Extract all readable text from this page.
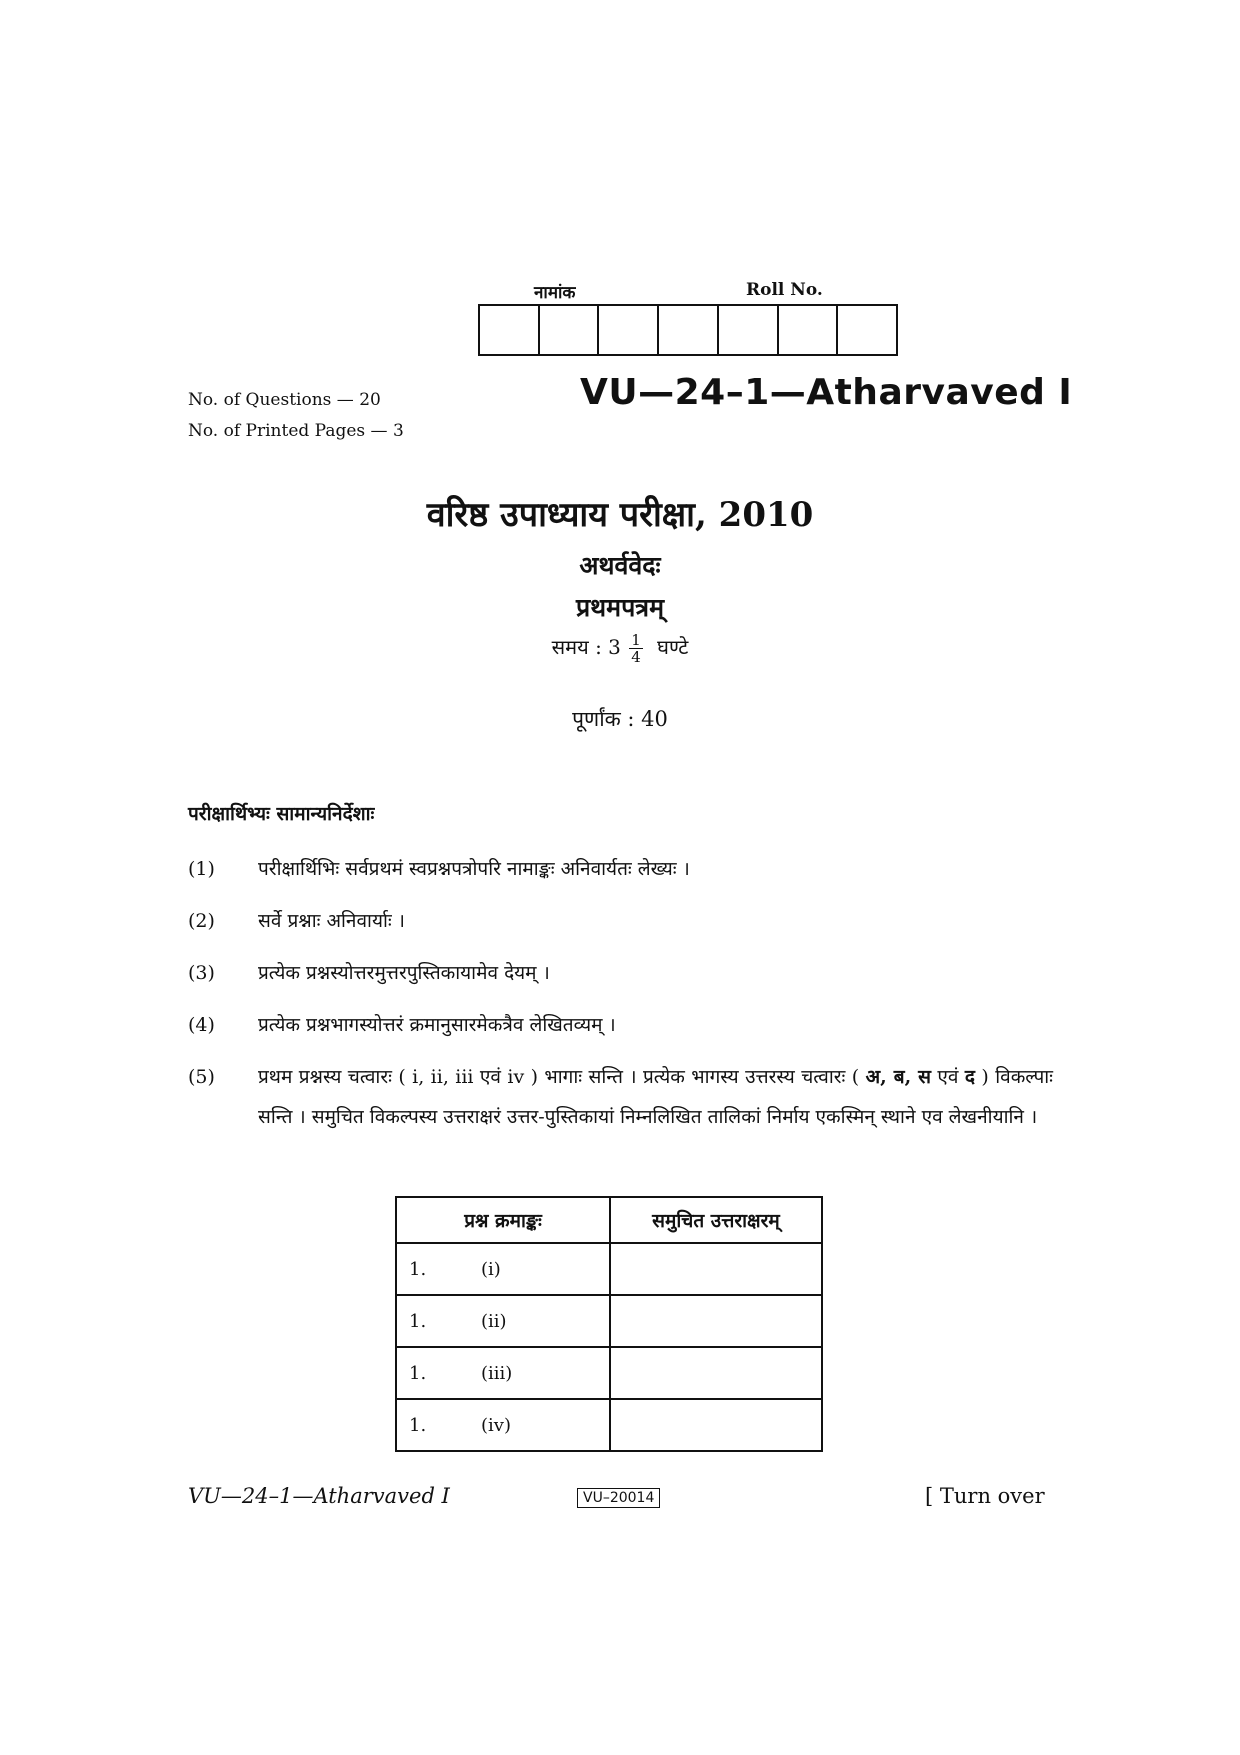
नामांक	Roll No.
No. of Questions — 20
No. of Printed Pages — 3
VU—24–1—Atharvaved I
वरिष्ठ उपाध्याय परीक्षा, 2010
अथर्ववेदः
प्रथमपत्रम्
समय : $3 \frac{1}{4}$ घण्टे
पूर्णांक : 40
परीक्षार्थिभ्यः सामान्यनिर्देशाः
(1) परीक्षार्थिभिः सर्वप्रथमं स्वप्रश्नपत्रोपरि नामाङ्कः अनिवार्यतः लेख्यः ।
(2) सर्वे प्रश्नाः अनिवार्याः ।
(3) प्रत्येक प्रश्नस्योत्तरमुत्तरपुस्तिकायामेव देयम् ।
(4) प्रत्येक प्रश्नभागस्योत्तरं क्रमानुसारमेकत्रैव लेखितव्यम् ।
(5) प्रथम प्रश्नस्य चत्वारः ( i, ii, iii एवं iv ) भागाः सन्ति । प्रत्येक भागस्य उत्तरस्य चत्वारः ( अ, ब, स एवं द ) विकल्पाः सन्ति । समुचित विकल्पस्य उत्तराक्षरं उत्तर-पुस्तिकायां निम्नलिखित तालिकां निर्माय एकस्मिन् स्थाने एव लेखनीयानि ।
प्रश्न क्रमाङ्कः	समुचित उत्तराक्षरम्
1. (i)	
1. (ii)	
1. (iii)	
1. (iv)	
VU—24–1—Atharvaved I	VU–20014	[ Turn over
